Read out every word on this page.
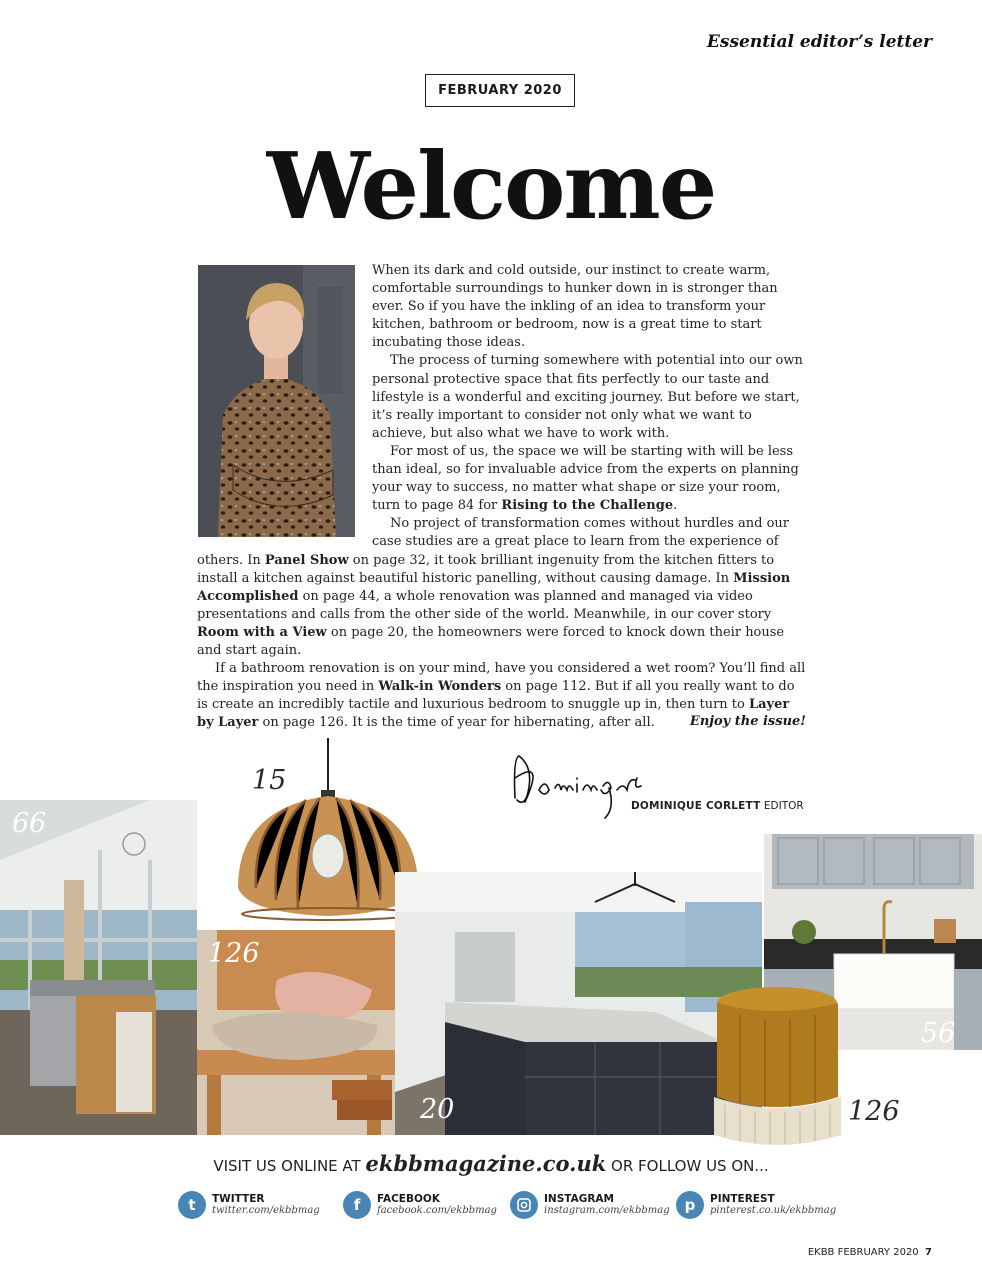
Essential editor’s letter
FEBRUARY 2020
Welcome

When its dark and cold outside, our instinct to create warm, comfortable surroundings to hunker down in is stronger than ever. So if you have the inkling of an idea to transform your kitchen, bathroom or bedroom, now is a great time to start incubating those ideas.

The process of turning somewhere with potential into our own personal protective space that fits perfectly to our taste and lifestyle is a wonderful and exciting journey. But before we start, it’s really important to consider not only what we want to achieve, but also what we have to work with.

For most of us, the space we will be starting with will be less than ideal, so for invaluable advice from the experts on planning your way to success, no matter what shape or size your room, turn to page 84 for Rising to the Challenge.

No project of transformation comes without hurdles and our case studies are a great place to learn from the experience of others. In Panel Show on page 32, it took brilliant ingenuity from the kitchen fitters to install a kitchen against beautiful historic panelling, without causing damage. In Mission Accomplished on page 44, a whole renovation was planned and managed via video presentations and calls from the other side of the world. Meanwhile, in our cover story Room with a View on page 20, the homeowners were forced to knock down their house and start again.

If a bathroom renovation is on your mind, have you considered a wet room? You’ll find all the inspiration you need in Walk-in Wonders on page 112. But if all you really want to do is create an incredibly tactile and luxurious bedroom to snuggle up in, then turn to Layer by Layer on page 126. It is the time of year for hibernating, after all.	Enjoy the issue!
DOMINIQUE CORLETT EDITOR
66
15
126
20
56
126
VISIT US ONLINE AT ekbbmagazine.co.uk OR FOLLOW US ON...
t	TWITTER
twitter.com/ekbbmag	f	FACEBOOK
facebook.com/ekbbmag
INSTAGRAM
instagram.com/ekbbmag p	PINTEREST
pinterest.co.uk/ekbbmag
EKBB FEBRUARY 2020 7
